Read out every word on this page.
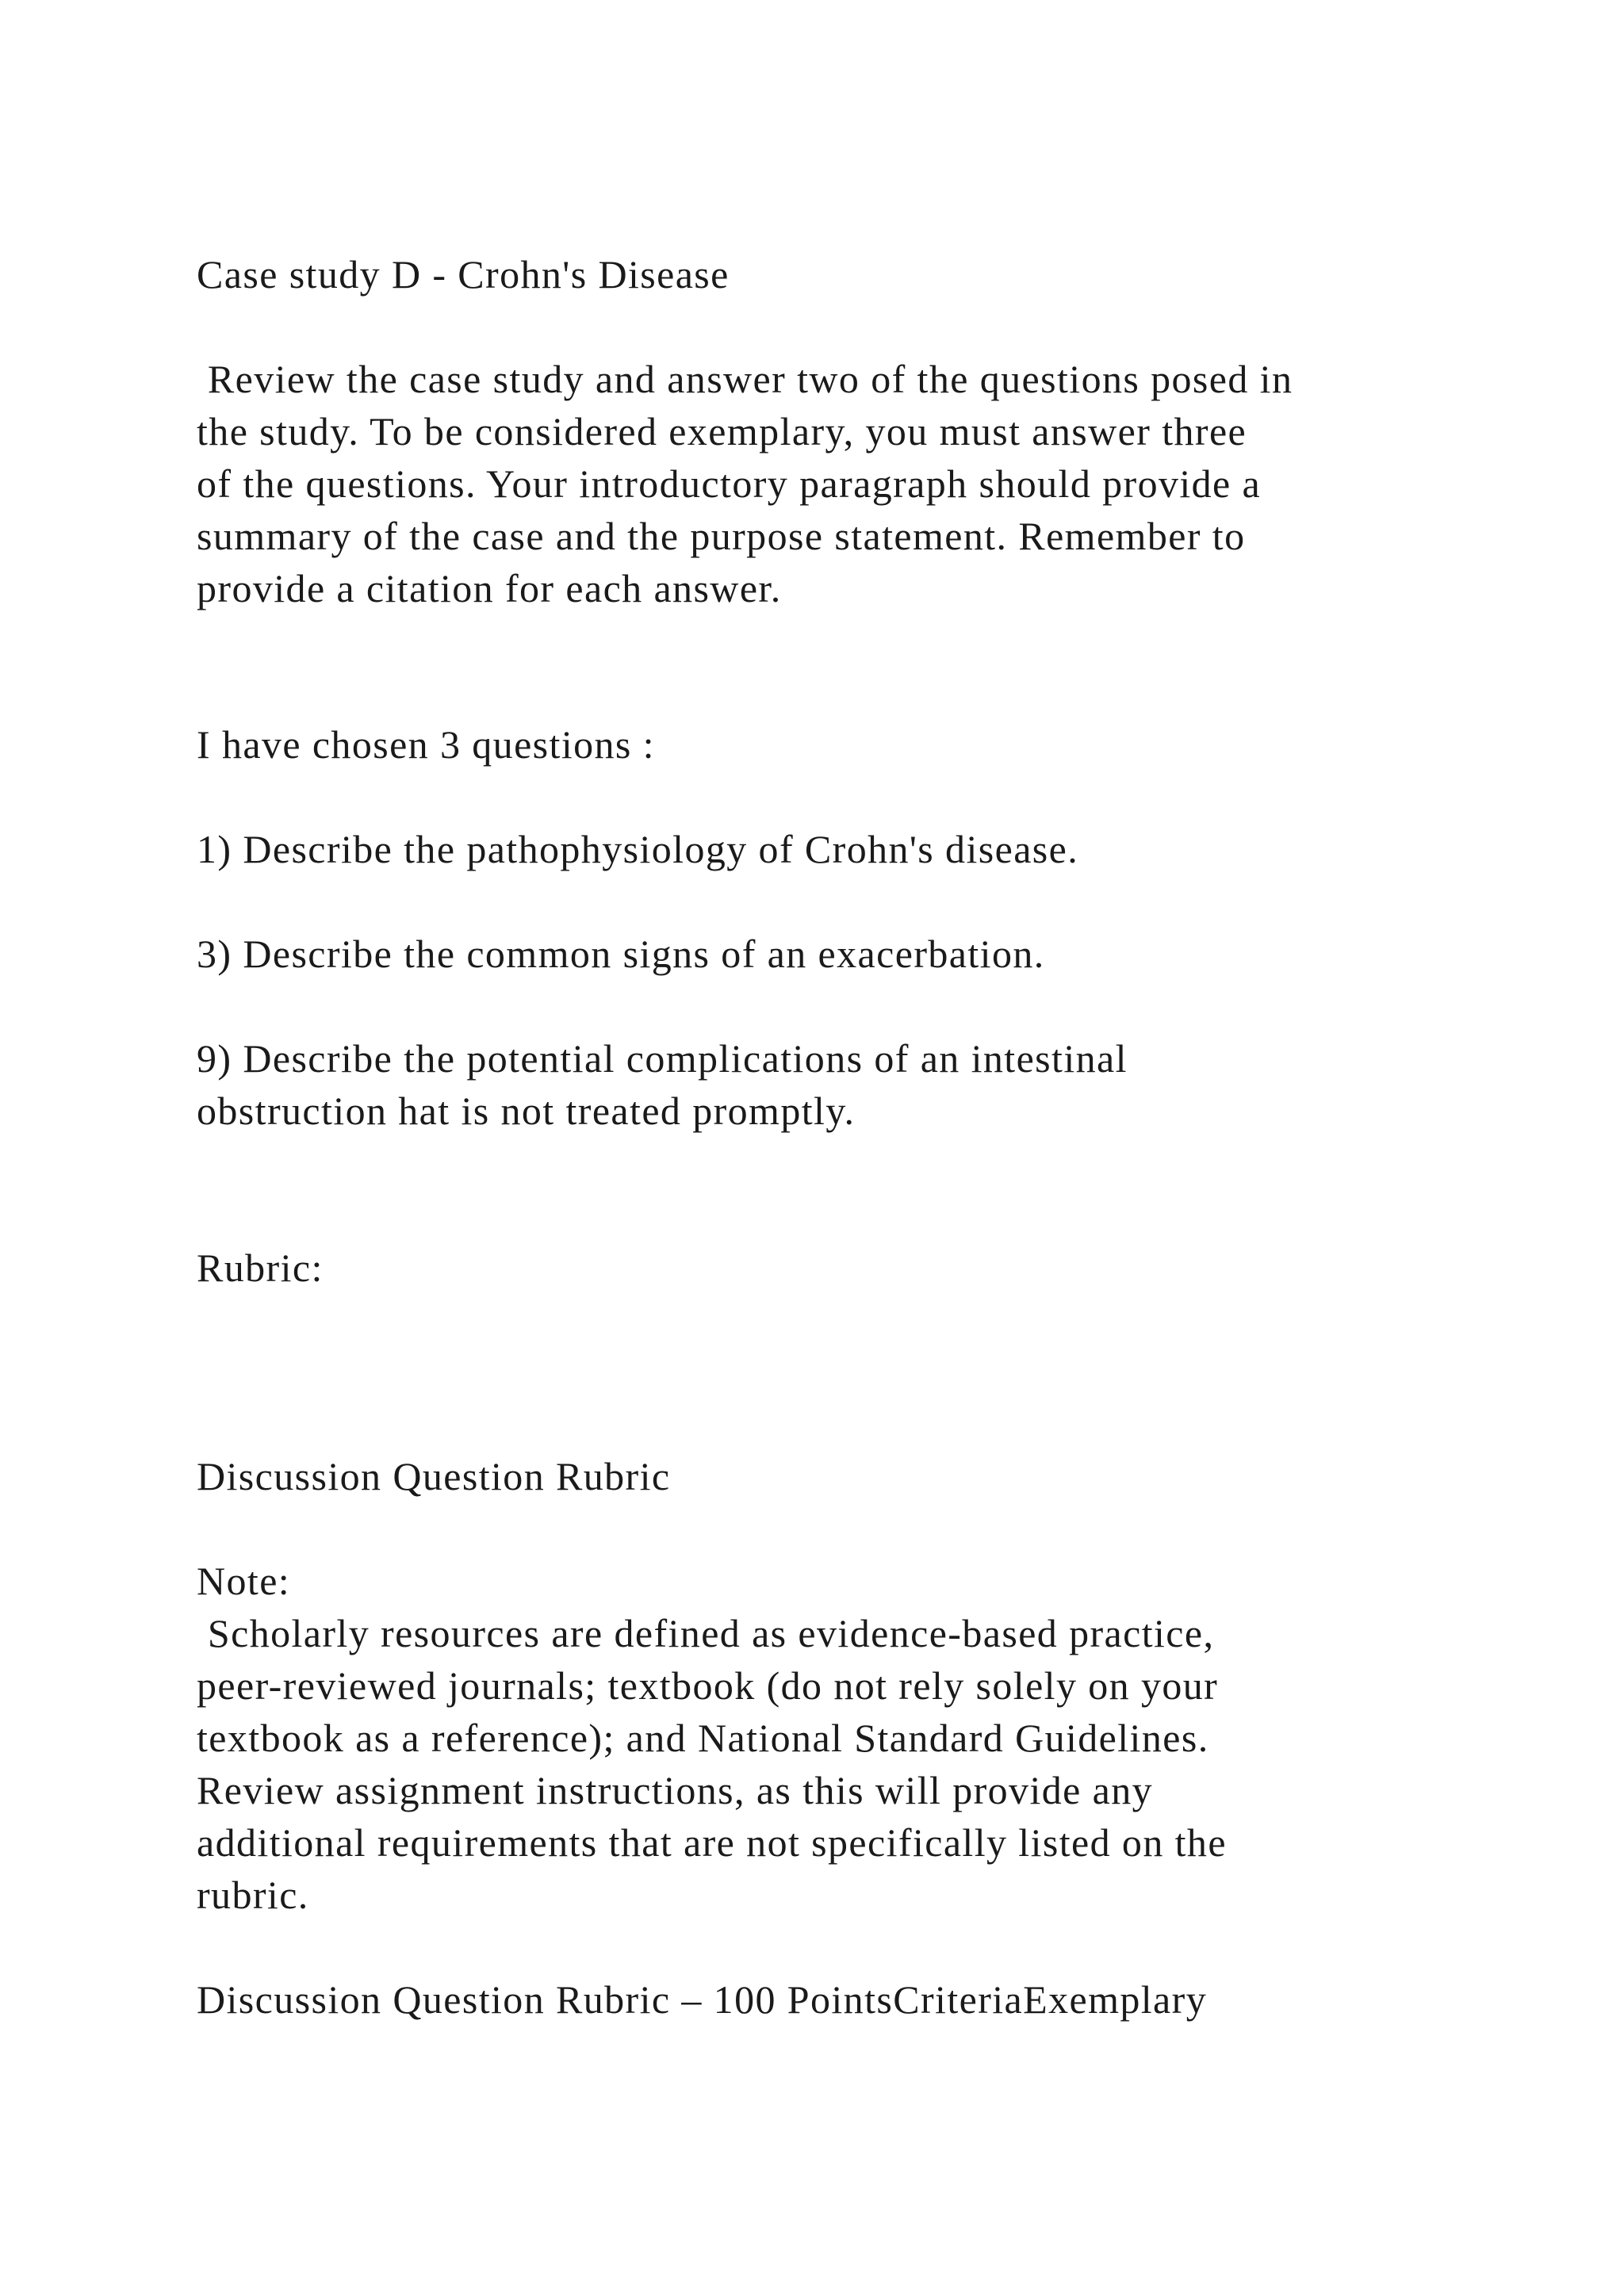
Case study D - Crohn's Disease

Review the case study and answer two of the questions posed in

the study. To be considered exemplary, you must answer three

of the questions. Your introductory paragraph should provide a

summary of the case and the purpose statement. Remember to

provide a citation for each answer.

I have chosen 3 questions :

1) Describe the pathophysiology of Crohn's disease.

3) Describe the common signs of an exacerbation.

9) Describe the potential complications of an intestinal

obstruction hat is not treated promptly.

Rubric:

Discussion Question Rubric

Note:

Scholarly resources are defined as evidence-based practice,

peer-reviewed journals; textbook (do not rely solely on your

textbook as a reference); and National Standard Guidelines.

Review assignment instructions, as this will provide any

additional requirements that are not specifically listed on the

rubric.

Discussion Question Rubric – 100 PointsCriteriaExemplary
